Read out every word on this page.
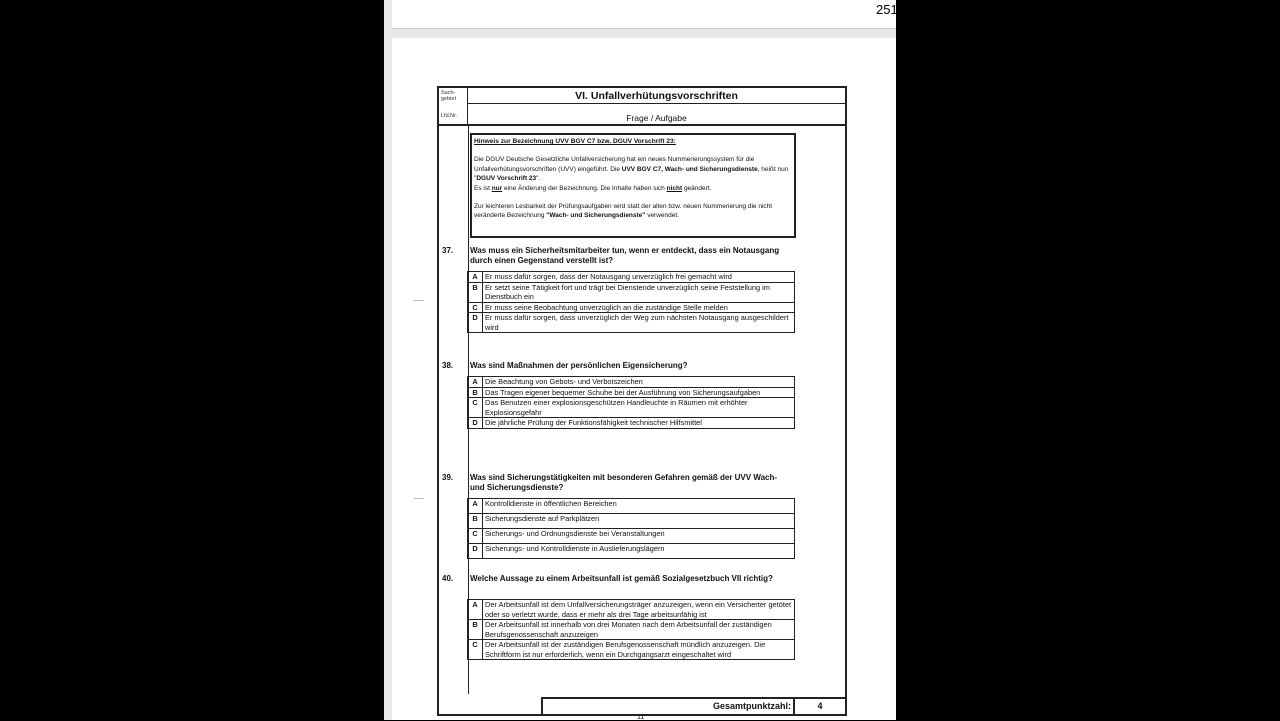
251
Sach-
gebiet
Lfd.Nr.
VI. Unfallverhütungsvorschriften
Frage / Aufgabe

Hinweis zur Bezeichnung UVV BGV C7 bzw. DGUV Vorschrift 23:

Die DGUV Deutsche Gesetzliche Unfallversicherung hat ein neues Nummerierungssystem für die Unfallverhütungsvorschriften (UVV) eingeführt. Die UVV BGV C7, Wach- und Sicherungsdienste, heißt nun "DGUV Vorschrift 23".

Es ist nur eine Änderung der Bezeichnung. Die Inhalte haben sich nicht geändert.

Zur leichteren Lesbarkeit der Prüfungsaufgaben wird statt der alten bzw. neuen Nummerierung die nicht veränderte Bezeichnung "Wach- und Sicherungsdienste" verwendet.

37. Was muss ein Sicherheitsmitarbeiter tun, wenn er entdeckt, dass ein Notausgang durch einen Gegenstand verstellt ist?
A	Er muss dafür sorgen, dass der Notausgang unverzüglich frei gemacht wird
B	Er setzt seine Tätigkeit fort und trägt bei Dienstende unverzüglich seine Feststellung im Dienstbuch ein
C	Er muss seine Beobachtung unverzüglich an die zuständige Stelle melden
D	Er muss dafür sorgen, dass unverzüglich der Weg zum nächsten Notausgang ausgeschildert wird
38. Was sind Maßnahmen der persönlichen Eigensicherung?
A	Die Beachtung von Gebots- und Verbotszeichen
B	Das Tragen eigener bequemer Schuhe bei der Ausführung von Sicherungsaufgaben
C	Das Benutzen einer explosionsgeschützen Handleuchte in Räumen mit erhöhter Explosionsgefahr
D	Die jährliche Prüfung der Funktionsfähigkeit technischer Hilfsmittel
39. Was sind Sicherungstätigkeiten mit besonderen Gefahren gemäß der UVV Wach- und Sicherungsdienste?
A	Kontrolldienste in öffentlichen Bereichen
B	Sicherungsdienste auf Parkplätzen
C	Sicherungs- und Ordnungsdienste bei Veranstaltungen
D	Sicherungs- und Kontrolldienste in Auslieferungslägern
40. Welche Aussage zu einem Arbeitsunfall ist gemäß Sozialgesetzbuch VII richtig?
A	Der Arbeitsunfall ist dem Unfallversicherungsträger anzuzeigen, wenn ein Versicherter getötet oder so verletzt wurde, dass er mehr als drei Tage arbeitsunfähig ist
B	Der Arbeitsunfall ist innerhalb von drei Monaten nach dem Arbeitsunfall der zuständigen Berufsgenossenschaft anzuzeigen
C	Der Arbeitsunfall ist der zuständigen Berufsgenossenschaft mündlich anzuzeigen. Die Schriftform ist nur erforderlich, wenn ein Durchgangsarzt eingeschaltet wird
Gesamtpunktzahl:	4
11
